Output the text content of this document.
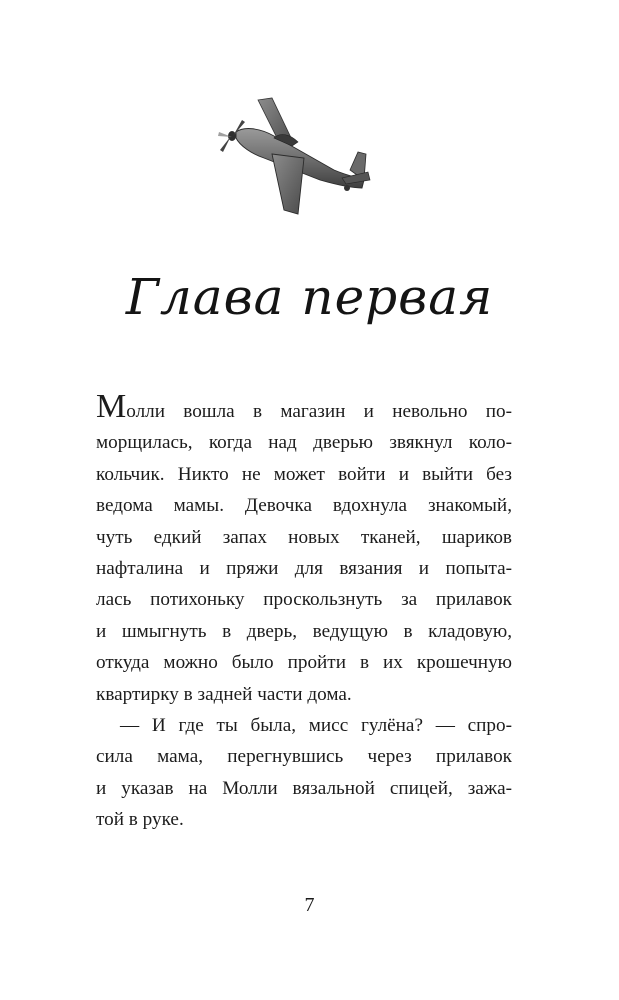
Глава первая
Молли вошла в магазин и невольно по-
морщилась, когда над дверью звякнул коло-
кольчик. Никто не может войти и выйти без
ведома мамы. Девочка вдохнула знакомый,
чуть едкий запах новых тканей, шариков
нафталина и пряжи для вязания и попыта-
лась потихоньку проскользнуть за прилавок
и шмыгнуть в дверь, ведущую в кладовую,
откуда можно было пройти в их крошечную
квартирку в задней части дома.
— И где ты была, мисс гулёна? — спро-
сила мама, перегнувшись через прилавок
и указав на Молли вязальной спицей, зажа-
той в руке.
7
